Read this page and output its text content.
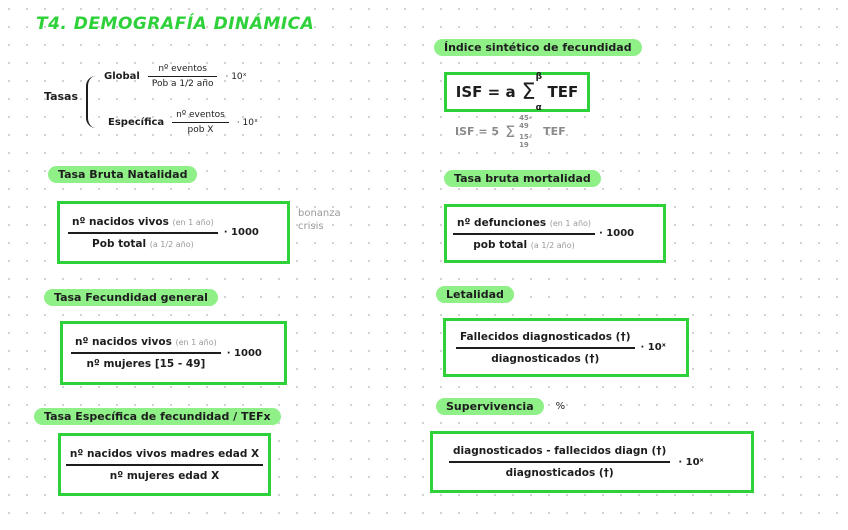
T4. DEMOGRAFÍA DINÁMICA
Tasas
Global $\frac{\text{nº eventos}}{\text{Pob a 1/2 año}}$ · 10ˣ
Específica $\frac{\text{nº eventos}}{\text{pob X}}$ · 10ˣ
Tasa Bruta Natalidad
$\frac{\text{nº nacidos vivos (en 1 año)}}{\text{Pob total (a 1/2 año)}} \cdot 1000$
bonanza crisis
Tasa Fecundidad general
$\frac{\text{nº nacidos vivos (en 1 año)}}{\text{nº mujeres [15 - 49]}} \cdot 1000$
Tasa Específica de fecundidad / TEFx
$\frac{\text{nº nacidos vivos madres edad X}}{\text{nº mujeres edad X}}$
Índice sintético de fecundidad
ISF = a Σ
β
α
TEF
ISF = 5 Σ
45-49
15-19
TEF
Tasa bruta mortalidad
$\frac{\text{nº defunciones (en 1 año)}}{\text{pob total (a 1/2 año)}} \cdot 1000$
Letalidad
$\frac{\text{Fallecidos diagnosticados (†)}}{\text{diagnosticados (†)}}$ · 10ˣ
Supervivencia	%
$\frac{\text{diagnosticados - fallecidos diagn (†)}}{\text{diagnosticados (†)}}$ · 10ˣ
